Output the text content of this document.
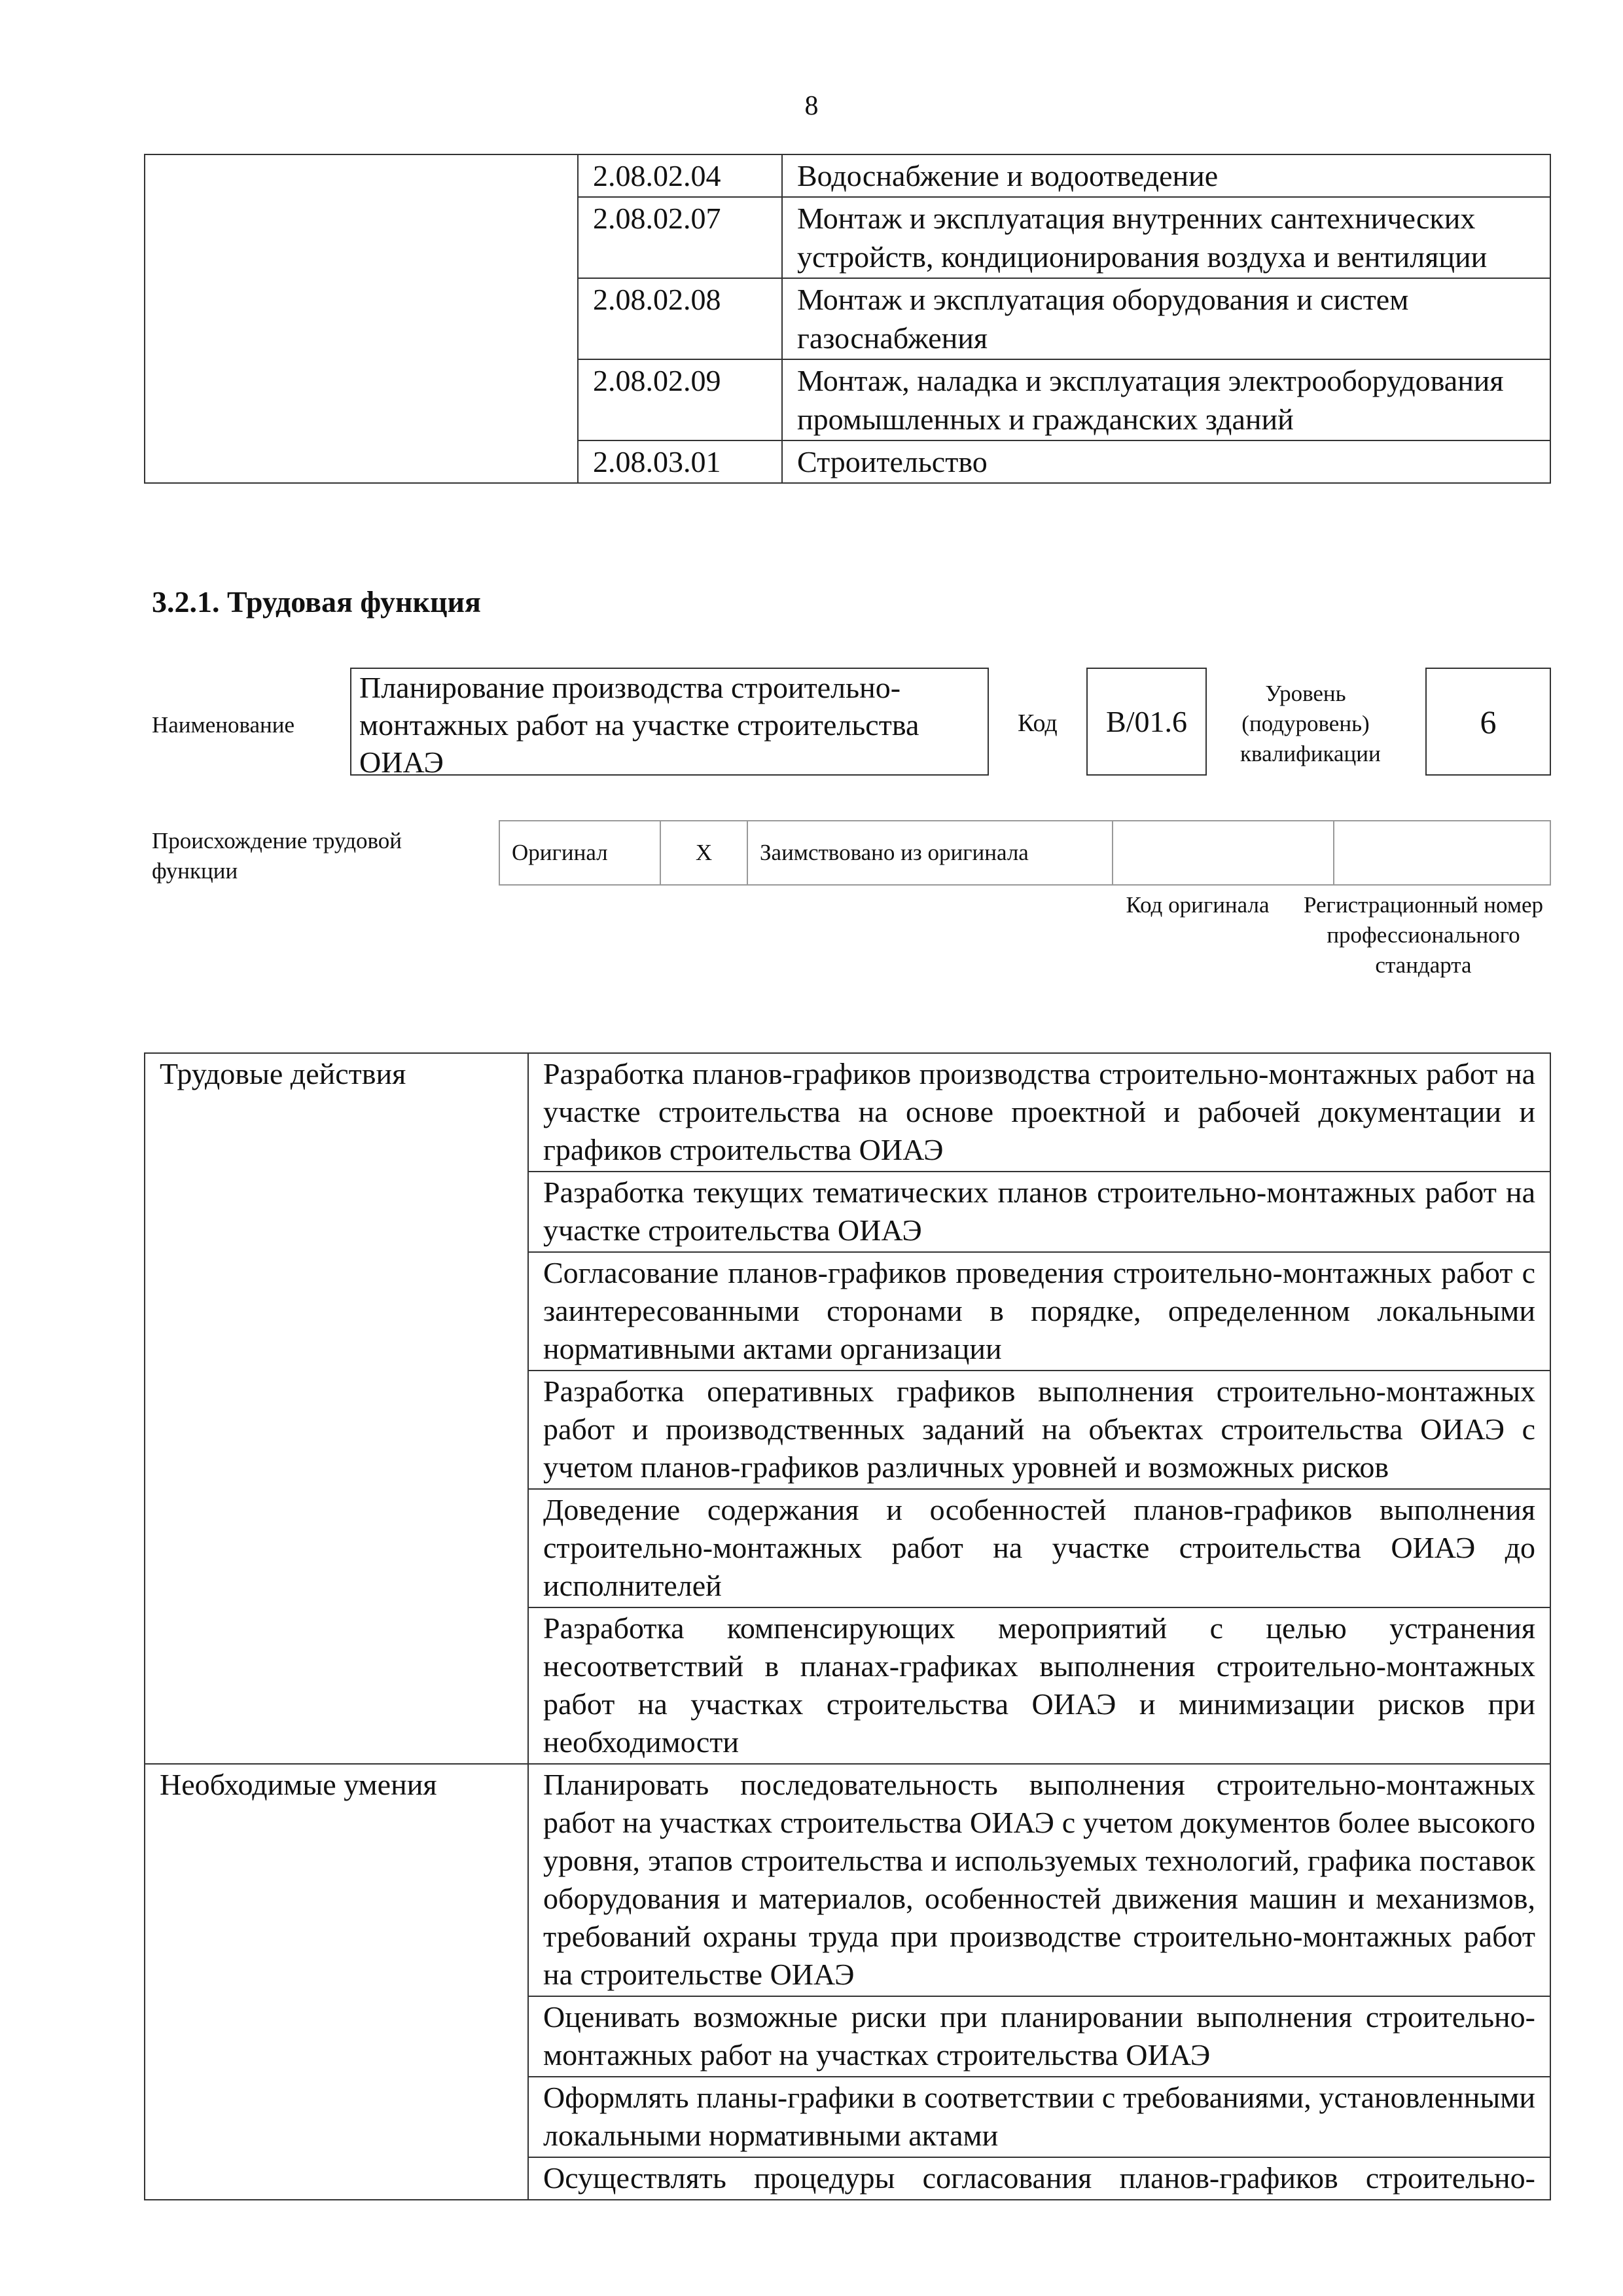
8
	2.08.02.04	Водоснабжение и водоотведение
	2.08.02.07	Монтаж и эксплуатация внутренних сантехнических устройств, кондиционирования воздуха и вентиляции
	2.08.02.08	Монтаж и эксплуатация оборудования и систем газоснабжения
	2.08.02.09	Монтаж, наладка и эксплуатация электрооборудования промышленных и гражданских зданий
	2.08.03.01	Строительство
3.2.1. Трудовая функция
Наименование
Планирование производства строительно-монтажных работ на участке строительства ОИАЭ
Код	B/01.6
Уровень (подуровень) квалификации
6
Происхождение трудовой функции
Оригинал	X	Заимствовано из оригинала		
Код оригинала	Регистрационный номер профессионального стандарта
Трудовые действия	Разработка планов-графиков производства строительно-монтажных работ на участке строительства на основе проектной и рабочей документации и графиков строительства ОИАЭ
	Разработка текущих тематических планов строительно-монтажных работ на участке строительства ОИАЭ
	Согласование планов-графиков проведения строительно-монтажных работ с заинтересованными сторонами в порядке, определенном локальными нормативными актами организации
	Разработка оперативных графиков выполнения строительно-монтажных работ и производственных заданий на объектах строительства ОИАЭ с учетом планов-графиков различных уровней и возможных рисков
	Доведение содержания и особенностей планов-графиков выполнения строительно-монтажных работ на участке строительства ОИАЭ до исполнителей
	Разработка компенсирующих мероприятий с целью устранения несоответствий в планах-графиках выполнения строительно-монтажных работ на участках строительства ОИАЭ и минимизации рисков при необходимости
Необходимые умения	Планировать последовательность выполнения строительно-монтажных работ на участках строительства ОИАЭ с учетом документов более высокого уровня, этапов строительства и используемых технологий, графика поставок оборудования и материалов, особенностей движения машин и механизмов, требований охраны труда при производстве строительно-монтажных работ на строительстве ОИАЭ
	Оценивать возможные риски при планировании выполнения строительно-монтажных работ на участках строительства ОИАЭ
	Оформлять планы-графики в соответствии с требованиями, установленными локальными нормативными актами
	Осуществлять процедуры согласования планов-графиков строительно-
